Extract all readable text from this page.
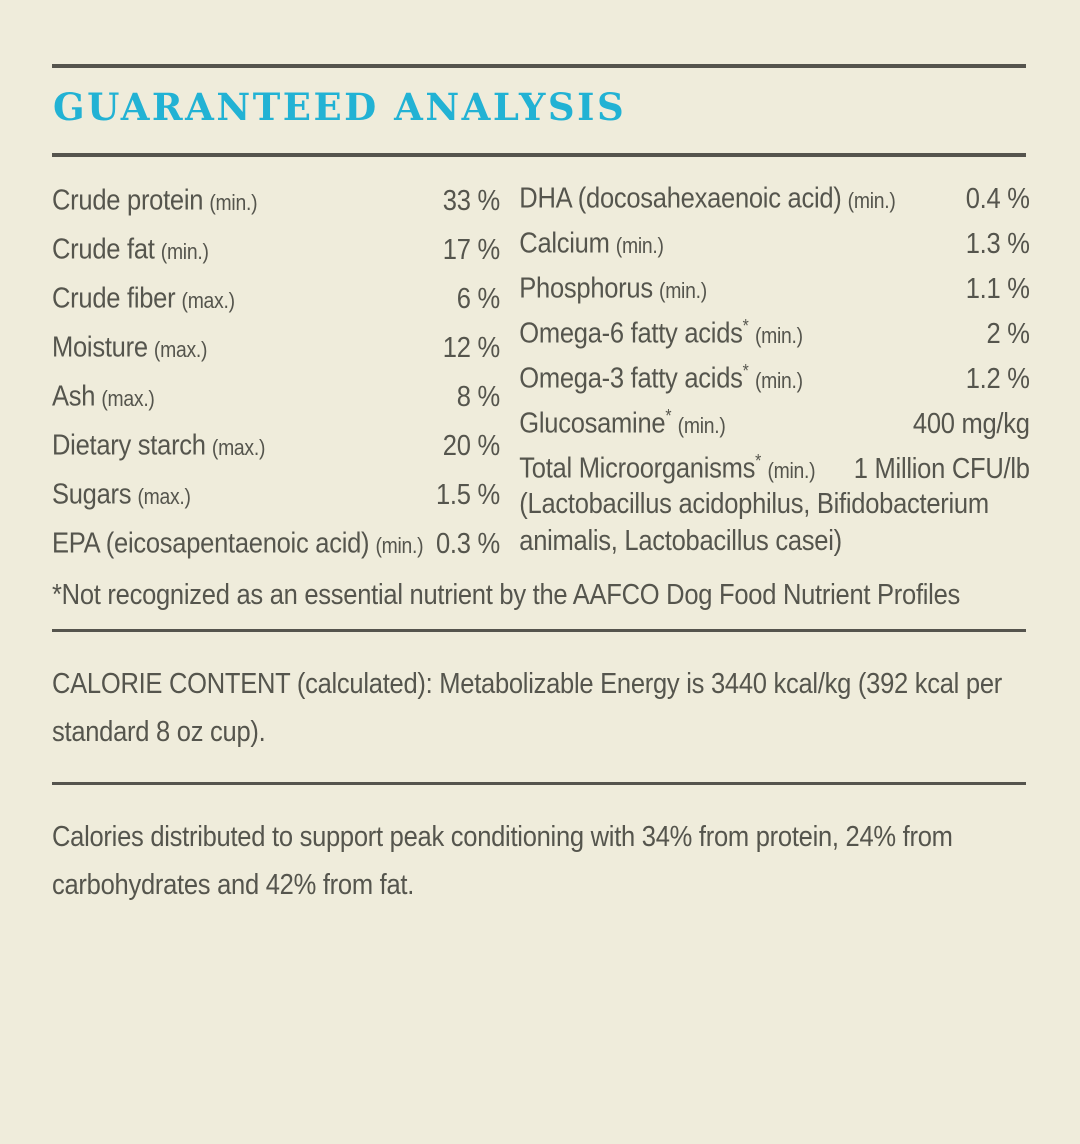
GUARANTEED ANALYSIS
Crude protein (min.)	33 %
Crude fat (min.)	17 %
Crude fiber (max.)	6 %
Moisture (max.)	12 %
Ash (max.)	8 %
Dietary starch (max.)	20 %
Sugars (max.)	1.5 %
EPA (eicosapentaenoic acid) (min.) 0.3 %
DHA (docosahexaenoic acid) (min.) 0.4 %
Calcium (min.)	1.3 %
Phosphorus (min.)	1.1 %
Omega-6 fatty acids* (min.)	2 %
Omega-3 fatty acids* (min.)	1.2 %
Glucosamine* (min.)	400 mg/kg
Total Microorganisms* (min.) 1 Million CFU/lb
(Lactobacillus acidophilus, Bifidobacterium animalis, Lactobacillus casei)
*Not recognized as an essential nutrient by the AAFCO Dog Food Nutrient Profiles
CALORIE CONTENT (calculated): Metabolizable Energy is 3440 kcal/kg (392 kcal per standard 8 oz cup).
Calories distributed to support peak conditioning with 34% from protein, 24% from carbohydrates and 42% from fat.
